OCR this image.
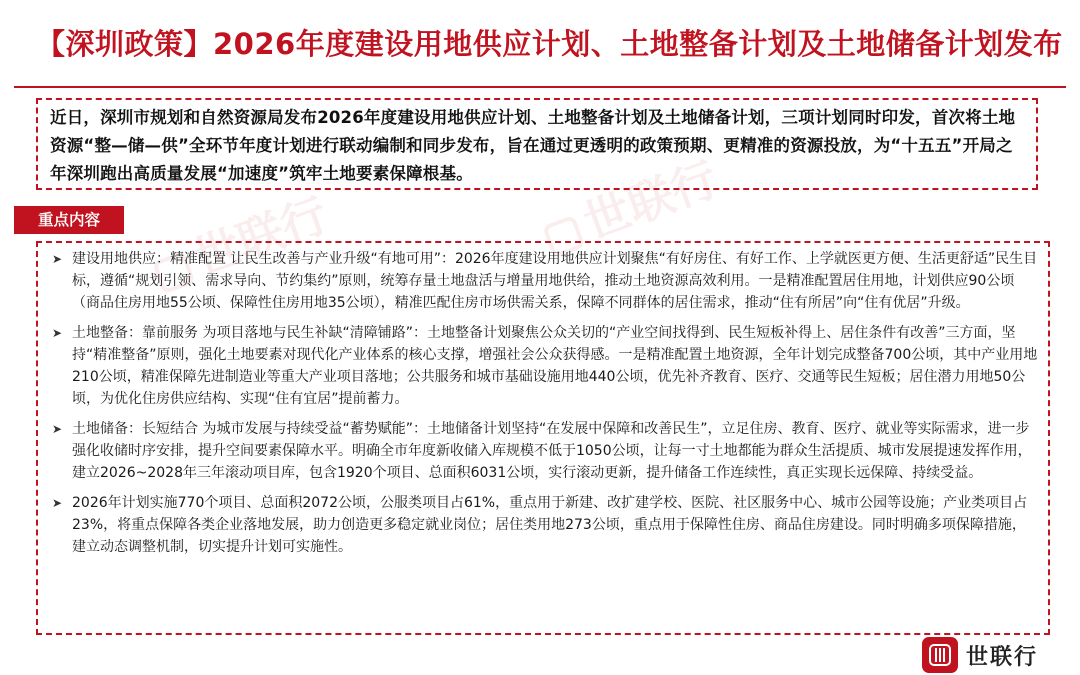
【深圳政策】2026年度建设用地供应计划、土地整备计划及土地储备计划发布

近日，深圳市规划和自然资源局发布2026年度建设用地供应计划、土地整备计划及土地储备计划，三项计划同时印发，首次将土地资源“整—储—供”全环节年度计划进行联动编制和同步发布，旨在通过更透明的政策预期、更精准的资源投放，为“十五五”开局之年深圳跑出高质量发展“加速度”筑牢土地要素保障根基。

重点内容	世联行	世联行
➤ 建设用地供应：精准配置 让民生改善与产业升级“有地可用”：2026年度建设用地供应计划聚焦“有好房住、有好工作、上学就医更方便、生活更舒适”民生目标，遵循“规划引领、需求导向、节约集约”原则，统筹存量土地盘活与增量用地供给，推动土地资源高效利用。一是精准配置居住用地，计划供应90公顷（商品住房用地55公顷、保障性住房用地35公顷），精准匹配住房市场供需关系，保障不同群体的居住需求，推动“住有所居”向“住有优居”升级。
➤ 土地整备：靠前服务 为项目落地与民生补缺“清障铺路”：土地整备计划聚焦公众关切的“产业空间找得到、民生短板补得上、居住条件有改善”三方面，坚持“精准整备”原则，强化土地要素对现代化产业体系的核心支撑，增强社会公众获得感。一是精准配置土地资源，全年计划完成整备700公顷，其中产业用地210公顷，精准保障先进制造业等重大产业项目落地；公共服务和城市基础设施用地440公顷，优先补齐教育、医疗、交通等民生短板；居住潜力用地50公顷，为优化住房供应结构、实现“住有宜居”提前蓄力。
➤ 土地储备：长短结合 为城市发展与持续受益“蓄势赋能”：土地储备计划坚持“在发展中保障和改善民生”，立足住房、教育、医疗、就业等实际需求，进一步强化收储时序安排，提升空间要素保障水平。明确全市年度新收储入库规模不低于1050公顷，让每一寸土地都能为群众生活提质、城市发展提速发挥作用，建立2026~2028年三年滚动项目库，包含1920个项目、总面积6031公顷，实行滚动更新，提升储备工作连续性，真正实现长远保障、持续受益。
➤ 2026年计划实施770个项目、总面积2072公顷，公服类项目占61%，重点用于新建、改扩建学校、医院、社区服务中心、城市公园等设施；产业类项目占23%，将重点保障各类企业落地发展，助力创造更多稳定就业岗位；居住类用地273公顷，重点用于保障性住房、商品住房建设。同时明确多项保障措施，建立动态调整机制，切实提升计划可实施性。
世联行
